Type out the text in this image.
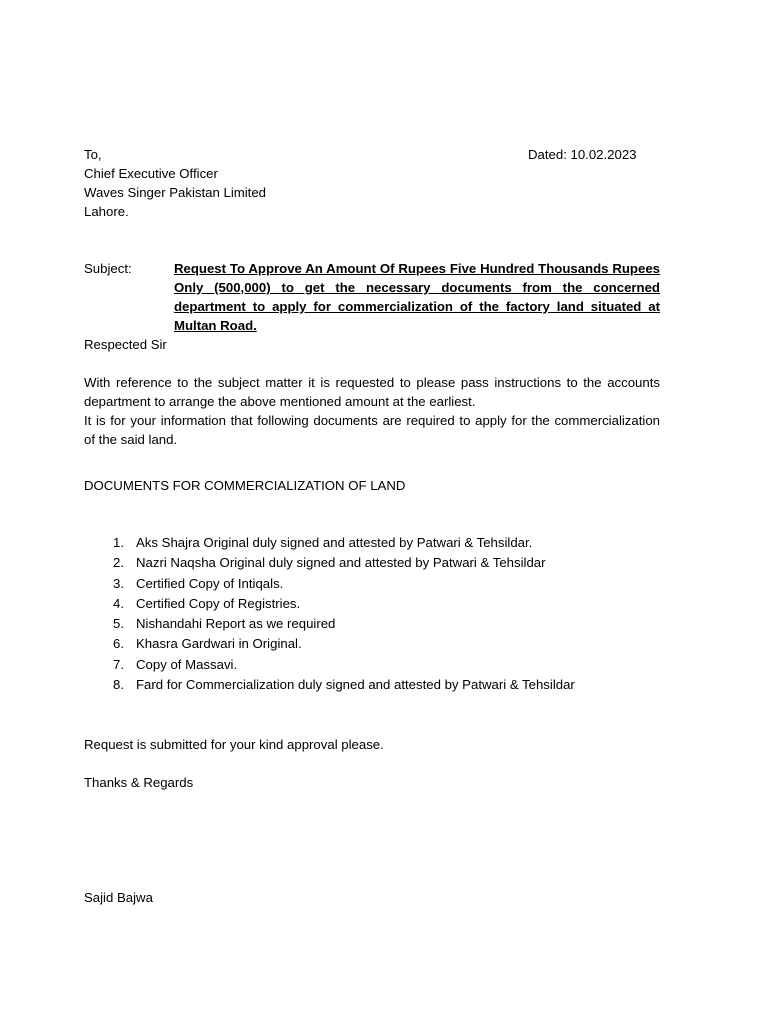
To,	Dated: 10.02.2023
Chief Executive Officer
Waves Singer Pakistan Limited
Lahore.
Subject:	Request To Approve An Amount Of Rupees Five Hundred Thousands Rupees Only (500,000) to get the necessary documents from the concerned department to apply for commercialization of the factory land situated at Multan Road.
Respected Sir
With reference to the subject matter it is requested to please pass instructions to the accounts department to arrange the above mentioned amount at the earliest.
It is for your information that following documents are required to apply for the commercialization of the said land.
DOCUMENTS FOR COMMERCIALIZATION OF LAND
1. Aks Shajra Original duly signed and attested by Patwari & Tehsildar.
2. Nazri Naqsha Original duly signed and attested by Patwari & Tehsildar
3. Certified Copy of Intiqals.
4. Certified Copy of Registries.
5. Nishandahi Report as we required
6. Khasra Gardwari in Original.
7. Copy of Massavi.
8. Fard for Commercialization duly signed and attested by Patwari & Tehsildar
Request is submitted for your kind approval please.
Thanks & Regards
Sajid Bajwa
